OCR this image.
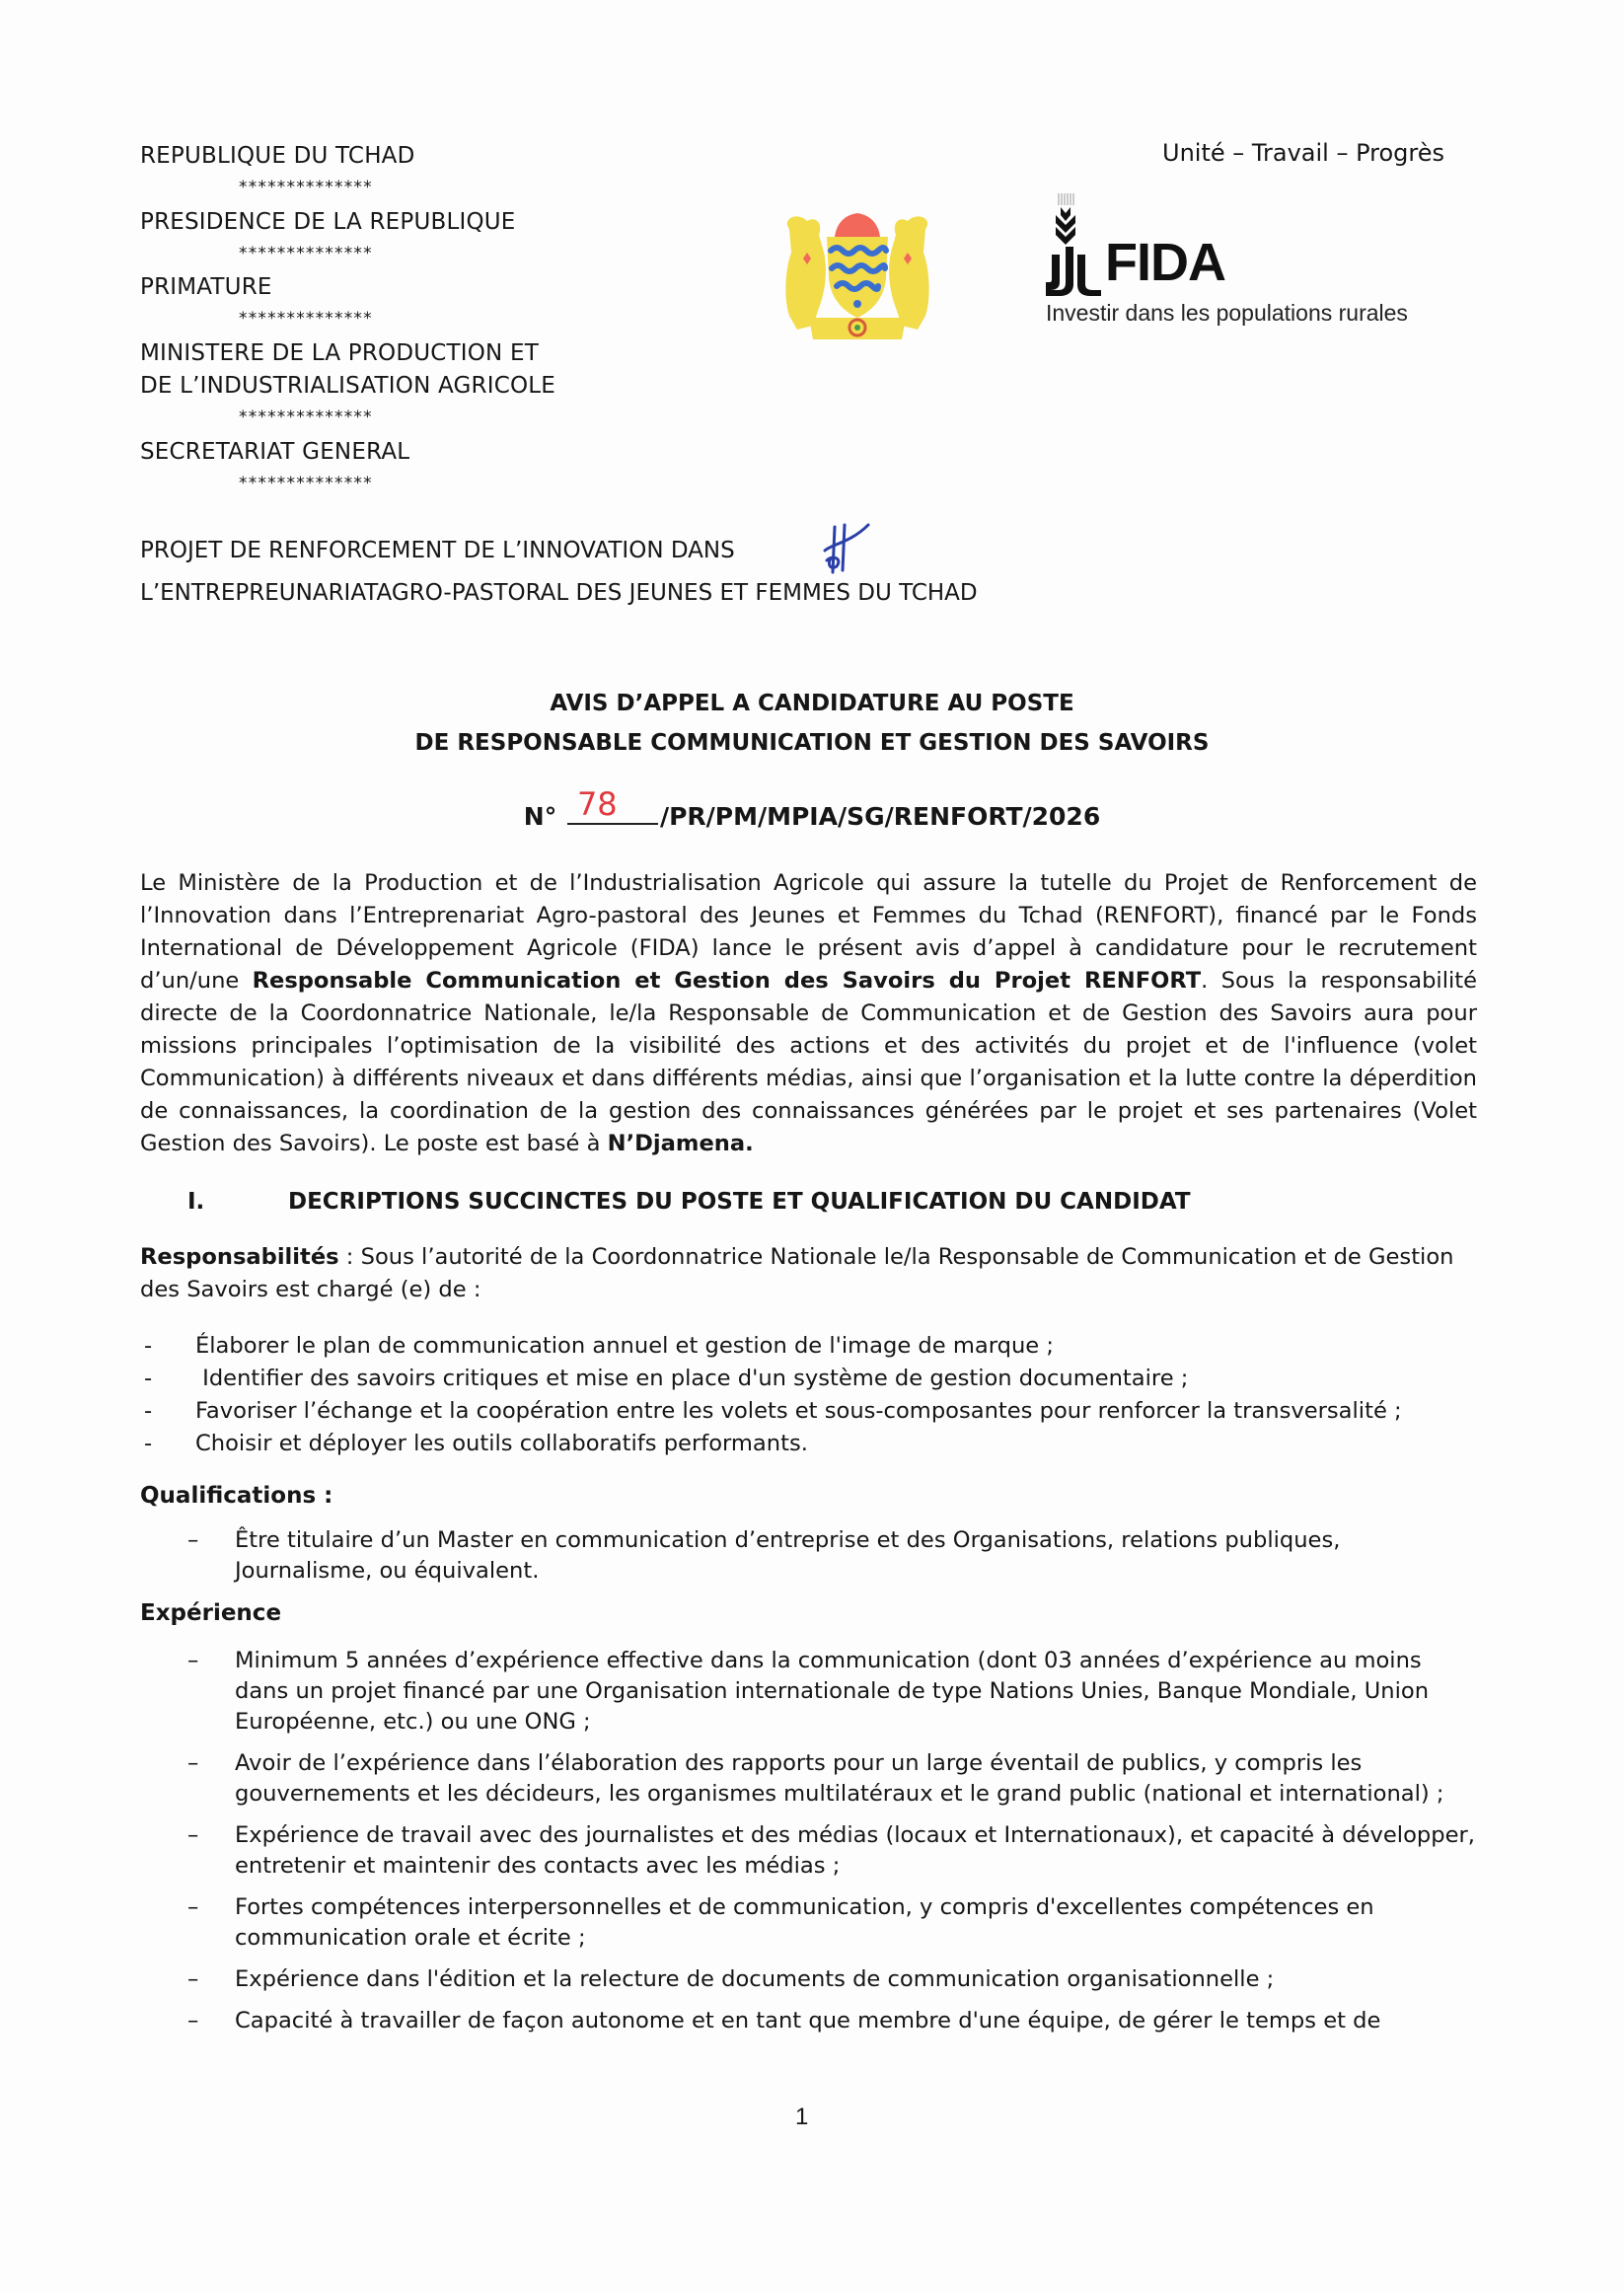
REPUBLIQUE DU TCHAD
**************
PRESIDENCE DE LA REPUBLIQUE
**************
PRIMATURE
**************
MINISTERE DE LA PRODUCTION ET
DE L’INDUSTRIALISATION AGRICOLE
**************
SECRETARIAT GENERAL
**************
Unité – Travail – Progrès
FIDA
Investir dans les populations rurales
PROJET DE RENFORCEMENT DE L’INNOVATION DANS
L’ENTREPREUNARIATAGRO-PASTORAL DES JEUNES ET FEMMES DU TCHAD
AVIS D’APPEL A CANDIDATURE AU POSTE
DE RESPONSABLE COMMUNICATION ET GESTION DES SAVOIRS
N° 78 /PR/PM/MPIA/SG/RENFORT/2026
Le Ministère de la Production et de l’Industrialisation Agricole qui assure la tutelle du Projet de Renforcement de l’Innovation dans l’Entreprenariat Agro-pastoral des Jeunes et Femmes du Tchad (RENFORT), financé par le Fonds International de Développement Agricole (FIDA) lance le présent avis d’appel à candidature pour le recrutement d’un/une Responsable Communication et Gestion des Savoirs du Projet RENFORT. Sous la responsabilité directe de la Coordonnatrice Nationale, le/la Responsable de Communication et de Gestion des Savoirs aura pour missions principales l’optimisation de la visibilité des actions et des activités du projet et de l'influence (volet Communication) à différents niveaux et dans différents médias, ainsi que l’organisation et la lutte contre la déperdition de connaissances, la coordination de la gestion des connaissances générées par le projet et ses partenaires (Volet Gestion des Savoirs). Le poste est basé à N’Djamena.
I.	DECRIPTIONS SUCCINCTES DU POSTE ET QUALIFICATION DU CANDIDAT
Responsabilités : Sous l’autorité de la Coordonnatrice Nationale le/la Responsable de Communication et de Gestion des Savoirs est chargé (e) de :
- Élaborer le plan de communication annuel et gestion de l'image de marque ;
- Identifier des savoirs critiques et mise en place d'un système de gestion documentaire ;
- Favoriser l’échange et la coopération entre les volets et sous-composantes pour renforcer la transversalité ;
- Choisir et déployer les outils collaboratifs performants.
Qualifications :
– Être titulaire d’un Master en communication d’entreprise et des Organisations, relations publiques, Journalisme, ou équivalent.
Expérience
– Minimum 5 années d’expérience effective dans la communication (dont 03 années d’expérience au moins dans un projet financé par une Organisation internationale de type Nations Unies, Banque Mondiale, Union Européenne, etc.) ou une ONG ;
– Avoir de l’expérience dans l’élaboration des rapports pour un large éventail de publics, y compris les gouvernements et les décideurs, les organismes multilatéraux et le grand public (national et international) ;
– Expérience de travail avec des journalistes et des médias (locaux et Internationaux), et capacité à développer, entretenir et maintenir des contacts avec les médias ;
– Fortes compétences interpersonnelles et de communication, y compris d'excellentes compétences en communication orale et écrite ;
– Expérience dans l'édition et la relecture de documents de communication organisationnelle ;
– Capacité à travailler de façon autonome et en tant que membre d'une équipe, de gérer le temps et de
1
